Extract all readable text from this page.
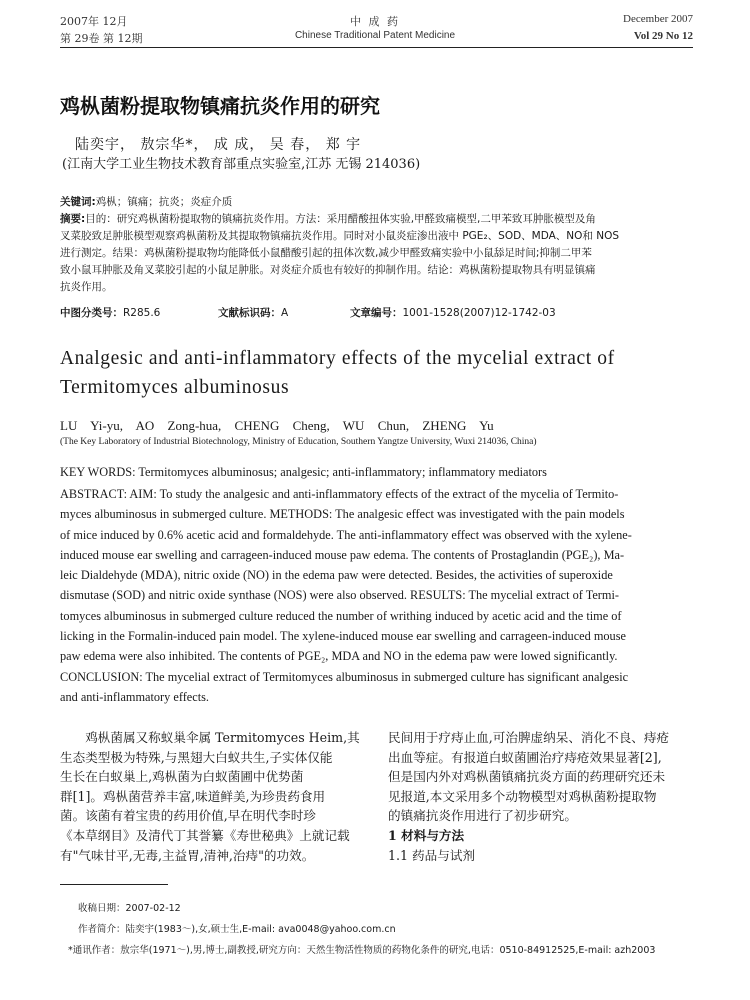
2007年 12月
第 29卷 第 12期
中 成 药
Chinese Traditional Patent Medicine
December 2007
Vol 29 No 12
鸡枞菌粉提取物镇痛抗炎作用的研究
陆奕宇， 敖宗华*， 成 成， 吴 春， 郑 宇
(江南大学工业生物技术教育部重点实验室,江苏 无锡 214036)
关键词:鸡枞；镇痛；抗炎；炎症介质
摘要:目的：研究鸡枞菌粉提取物的镇痛抗炎作用。方法：采用醋酸扭体实验,甲醛致痛模型,二甲苯致耳肿胀模型及角
叉菜胶致足肿胀模型观察鸡枞菌粉及其提取物镇痛抗炎作用。同时对小鼠炎症渗出液中 PGE₂、SOD、MDA、NO和 NOS
进行测定。结果：鸡枞菌粉提取物均能降低小鼠醋酸引起的扭体次数,减少甲醛致痛实验中小鼠舔足时间;抑制二甲苯
致小鼠耳肿胀及角叉菜胶引起的小鼠足肿胀。对炎症介质也有较好的抑制作用。结论：鸡枞菌粉提取物具有明显镇痛
抗炎作用。
中图分类号：R285.6	文献标识码：A	文章编号：1001-1528(2007)12-1742-03
Analgesic and anti-inflammatory effects of the mycelial extract of Termitomyces albuminosus
LU Yi-yu, AO Zong-hua, CHENG Cheng, WU Chun, ZHENG Yu
(The Key Laboratory of Industrial Biotechnology, Ministry of Education, Southern Yangtze University, Wuxi 214036, China)
KEY WORDS: Termitomyces albuminosus; analgesic; anti-inflammatory; inflammatory mediators
ABSTRACT: AIM: To study the analgesic and anti-inflammatory effects of the extract of the mycelia of Termito-
myces albuminosus in submerged culture. METHODS: The analgesic effect was investigated with the pain models
of mice induced by 0.6% acetic acid and formaldehyde. The anti-inflammatory effect was observed with the xylene-
induced mouse ear swelling and carrageen-induced mouse paw edema. The contents of Prostaglandin (PGE₂), Ma-
leic Dialdehyde (MDA), nitric oxide (NO) in the edema paw were detected. Besides, the activities of superoxide
dismutase (SOD) and nitric oxide synthase (NOS) were also observed. RESULTS: The mycelial extract of Termi-
tomyces albuminosus in submerged culture reduced the number of writhing induced by acetic acid and the time of
licking in the Formalin-induced pain model. The xylene-induced mouse ear swelling and carrageen-induced mouse
paw edema were also inhibited. The contents of PGE₂, MDA and NO in the edema paw were lowed significantly.
CONCLUSION: The mycelial extract of Termitomyces albuminosus in submerged culture has significant analgesic
and anti-inflammatory effects.
鸡枞菌属又称蚁巢伞属 Termitomyces Heim,其
生态类型极为特殊,与黑翅大白蚁共生,子实体仅能
生长在白蚁巢上,鸡枞菌为白蚁菌圃中优势菌
群[1]。鸡枞菌营养丰富,味道鲜美,为珍贵药食用
菌。该菌有着宝贵的药用价值,早在明代李时珍
《本草纲目》及清代丁其誉纂《寿世秘典》上就记载
有"气味甘平,无毒,主益胃,清神,治痔"的功效。
民间用于疗痔止血,可治脾虚纳呆、消化不良、痔疮
出血等症。有报道白蚁菌圃治疗痔疮效果显著[2],
但是国内外对鸡枞菌镇痛抗炎方面的药理研究还未
见报道,本文采用多个动物模型对鸡枞菌粉提取物
的镇痛抗炎作用进行了初步研究。
1 材料与方法
1.1 药品与试剂
收稿日期：2007-02-12
作者简介：陆奕宇(1983～),女,硕士生,E-mail: ava0048@yahoo.com.cn
*通讯作者：敖宗华(1971～),男,博士,副教授,研究方向：天然生物活性物质的药物化条件的研究,电话：0510-84912525,E-mail: azh2003
